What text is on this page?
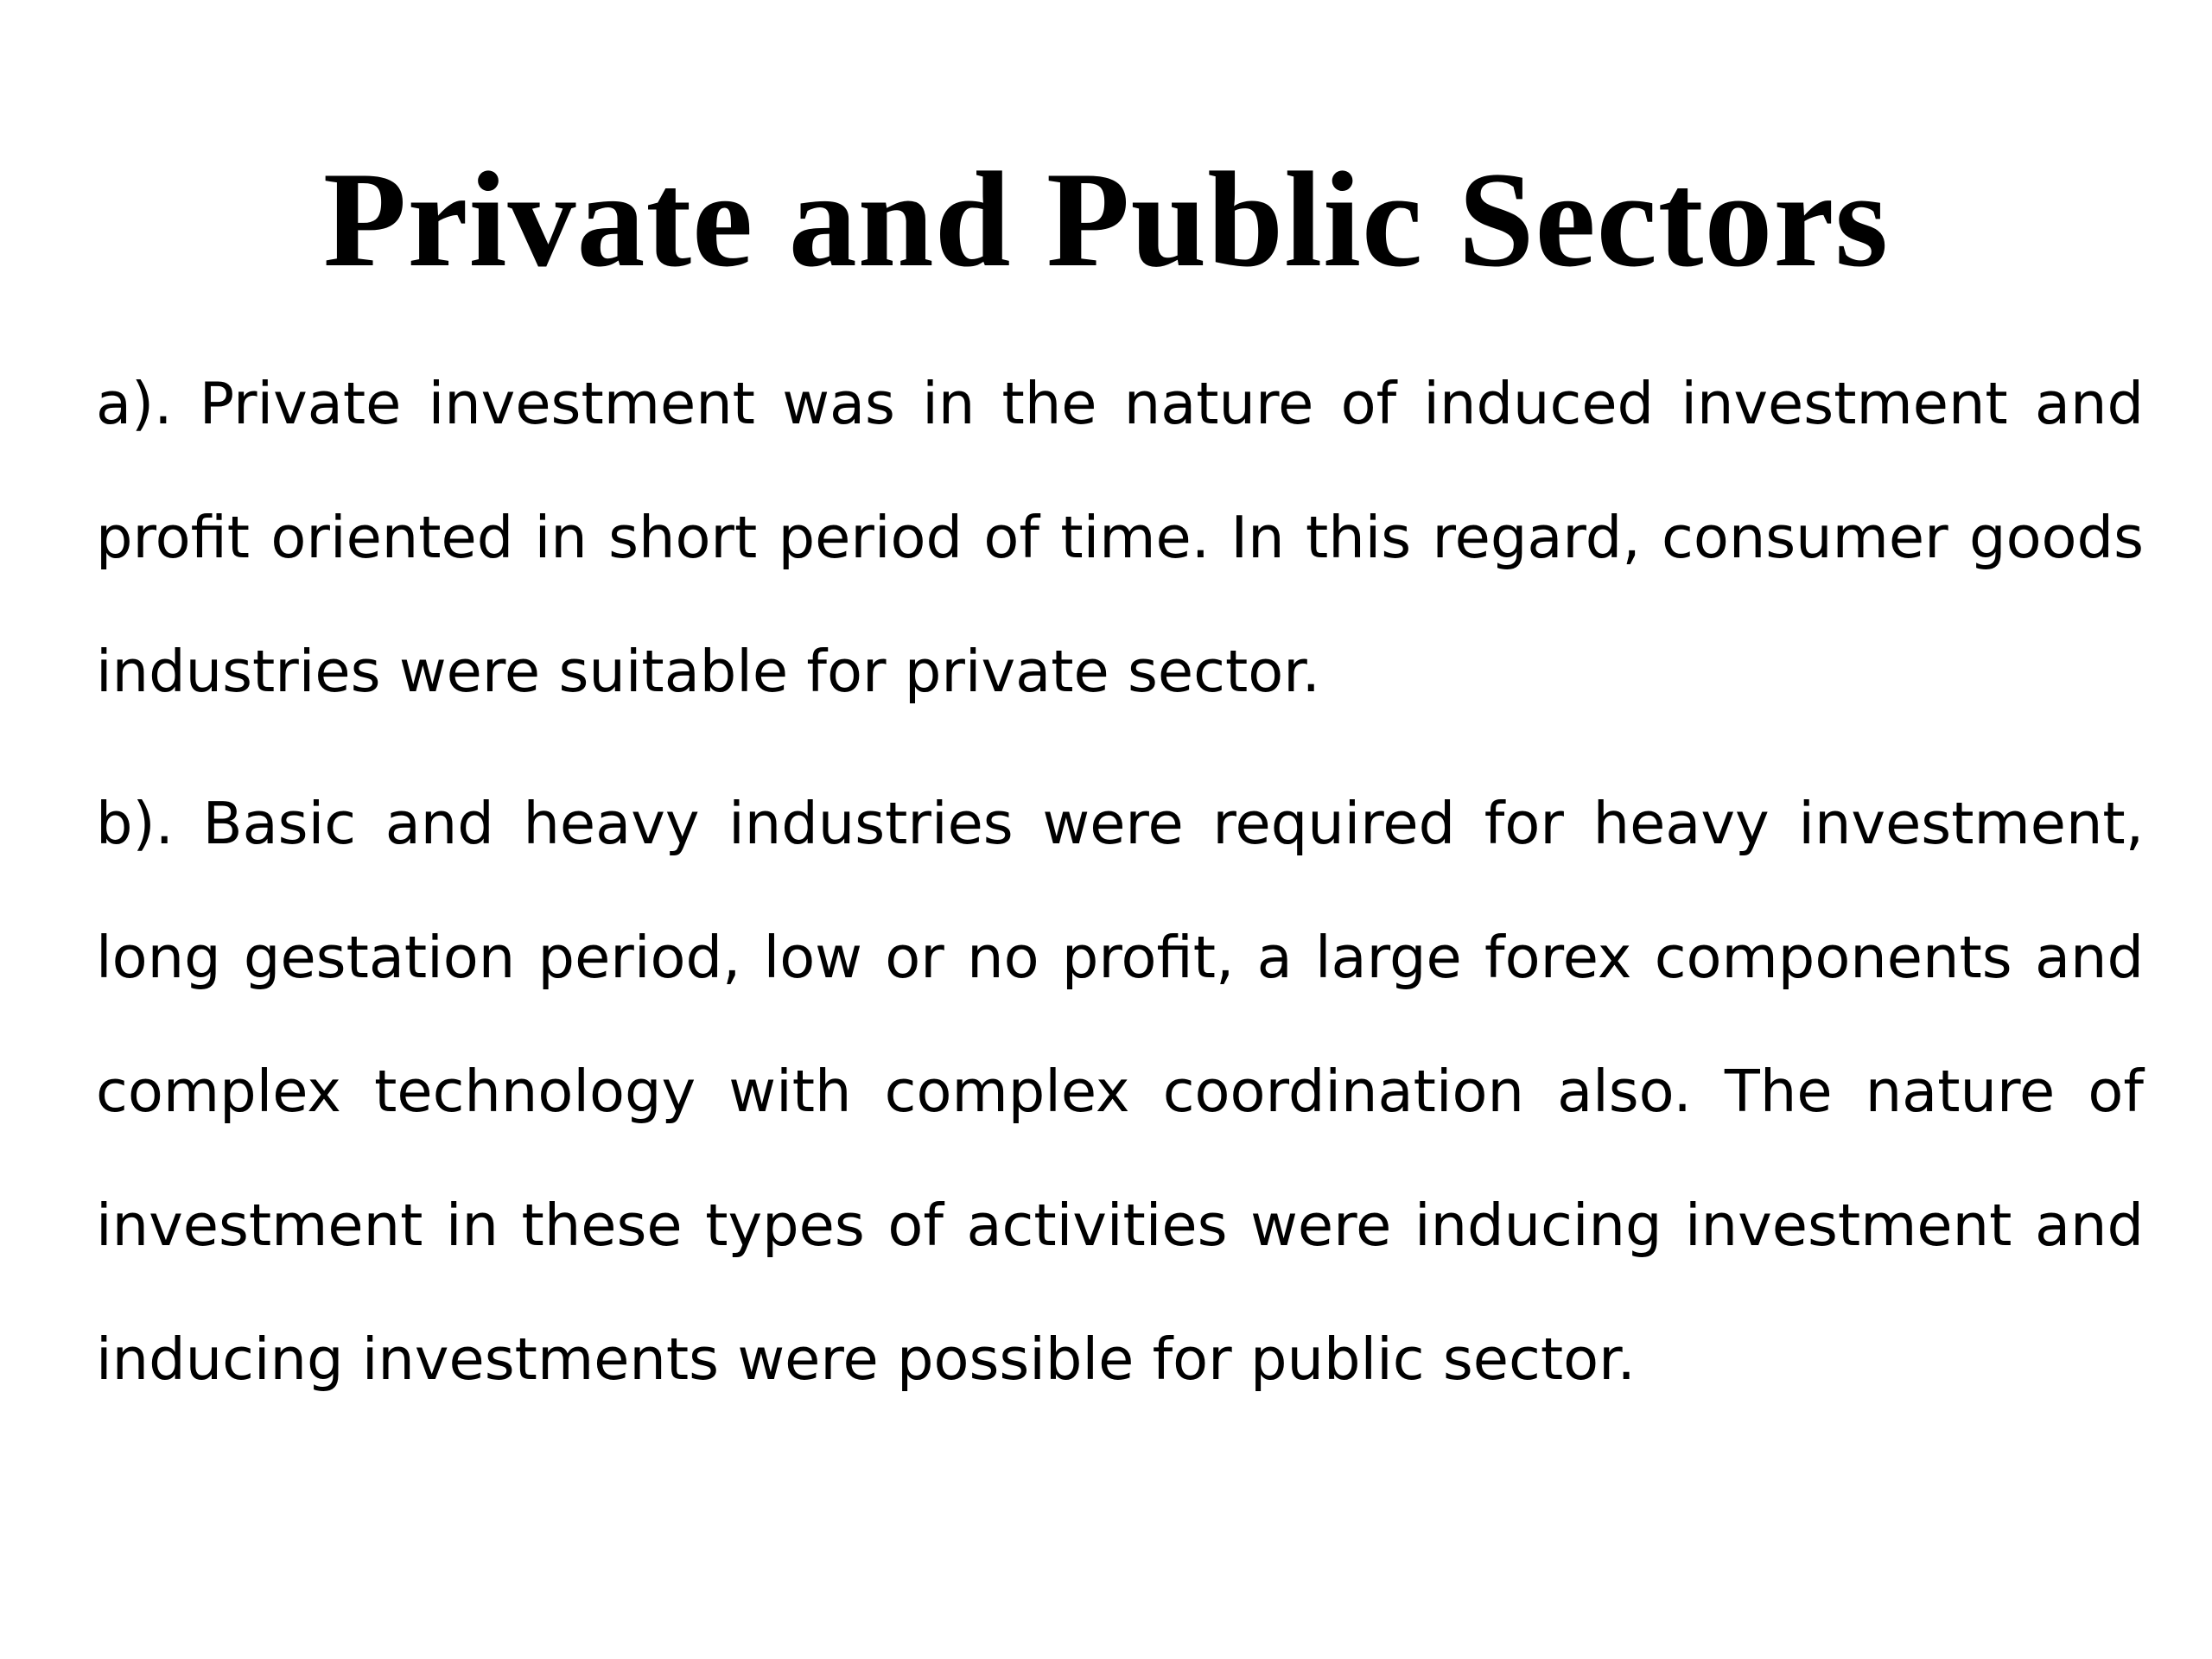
Private and Public Sectors

a). Private investment was in the nature of induced investment and profit oriented in short period of time. In this regard, consumer goods industries were suitable for private sector.

b). Basic and heavy industries were required for heavy investment, long gestation period, low or no profit, a large forex components and complex technology with complex coordination also. The nature of investment in these types of activities were inducing investment and inducing investments were possible for public sector.
